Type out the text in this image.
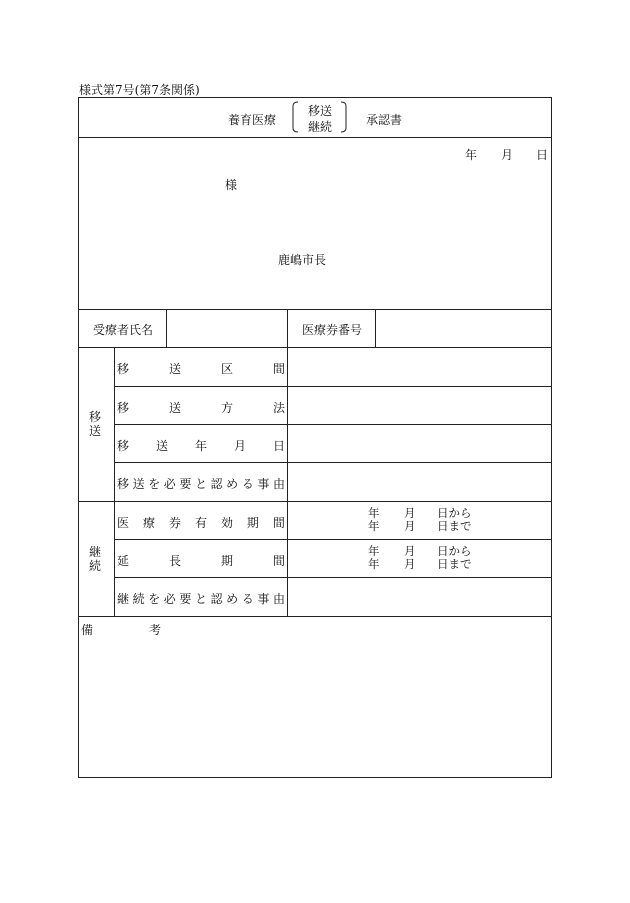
様式第7号(第7条関係)
養育医療
移送
継続	承認書
年 月 日
様
鹿嶋市長
受療者氏名	医療券番号
移
送
移	送	区	間
移	送	方	法
移 送 年 月 日
移 送 を 必 要 と 認 め る 事 由
継
続
医 療 券 有 効 期 間
年	月	日から
年	月	日まで
延	長	期	間
年	月	日から
年	月	日まで
継 続 を 必 要 と 認 め る 事 由
備	考
